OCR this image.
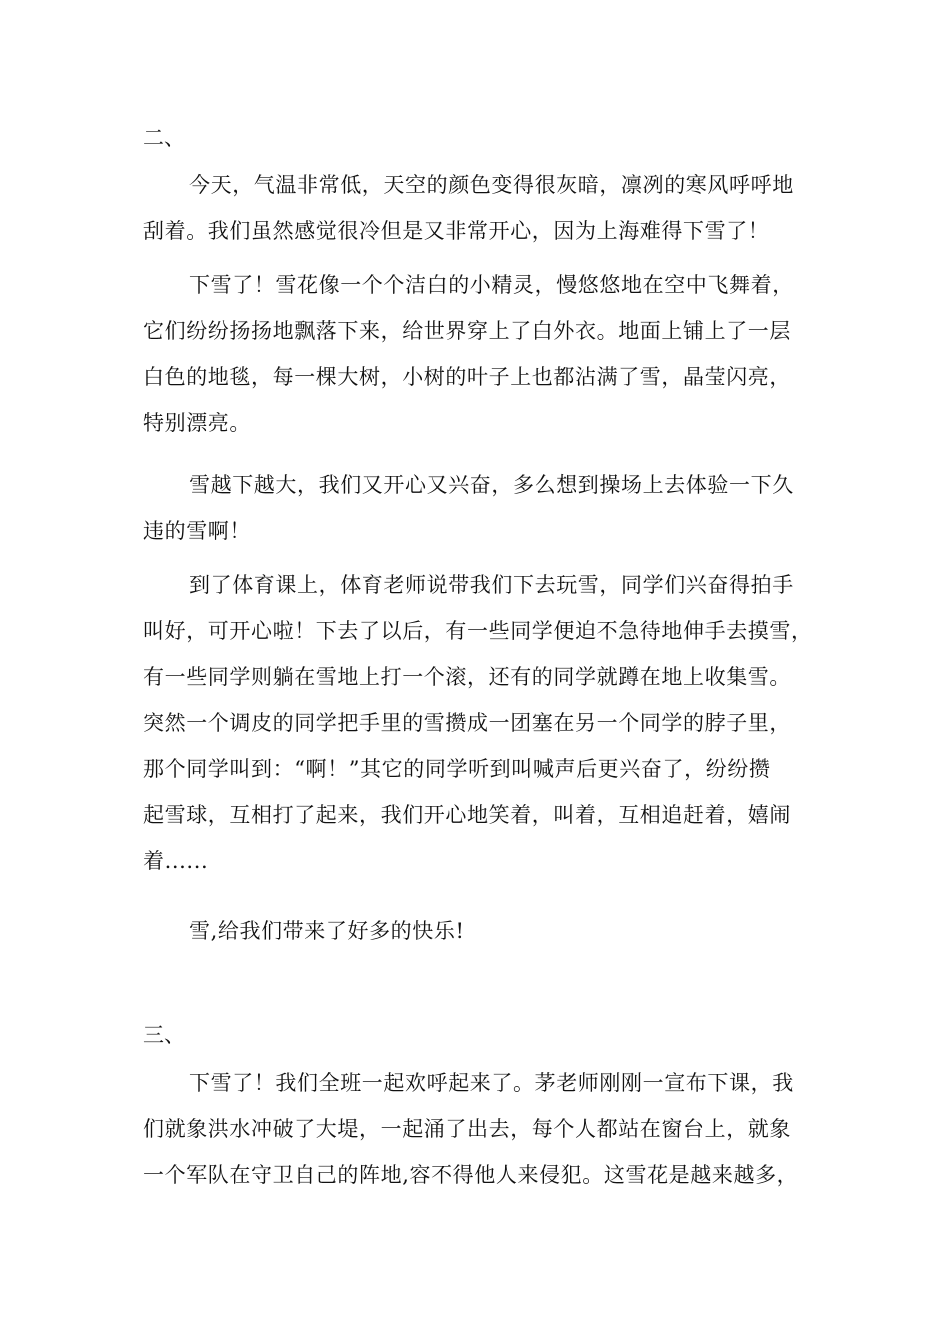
二、
今天，气温非常低，天空的颜色变得很灰暗，凛冽的寒风呼呼地
刮着。我们虽然感觉很冷但是又非常开心，因为上海难得下雪了！
下雪了！雪花像一个个洁白的小精灵，慢悠悠地在空中飞舞着，
它们纷纷扬扬地飘落下来，给世界穿上了白外衣。地面上铺上了一层
白色的地毯，每一棵大树，小树的叶子上也都沾满了雪，晶莹闪亮，
特别漂亮。
雪越下越大，我们又开心又兴奋，多么想到操场上去体验一下久
违的雪啊！
到了体育课上，体育老师说带我们下去玩雪，同学们兴奋得拍手
叫好，可开心啦！下去了以后，有一些同学便迫不急待地伸手去摸雪，
有一些同学则躺在雪地上打一个滚，还有的同学就蹲在地上收集雪。
突然一个调皮的同学把手里的雪攒成一团塞在另一个同学的脖子里，
那个同学叫到：“啊！”其它的同学听到叫喊声后更兴奋了，纷纷攒
起雪球，互相打了起来，我们开心地笑着，叫着，互相追赶着，嬉闹
着......
雪,给我们带来了好多的快乐!
三、
下雪了！我们全班一起欢呼起来了。茅老师刚刚一宣布下课，我
们就象洪水冲破了大堤，一起涌了出去，每个人都站在窗台上，就象
一个军队在守卫自己的阵地,容不得他人来侵犯。这雪花是越来越多，
